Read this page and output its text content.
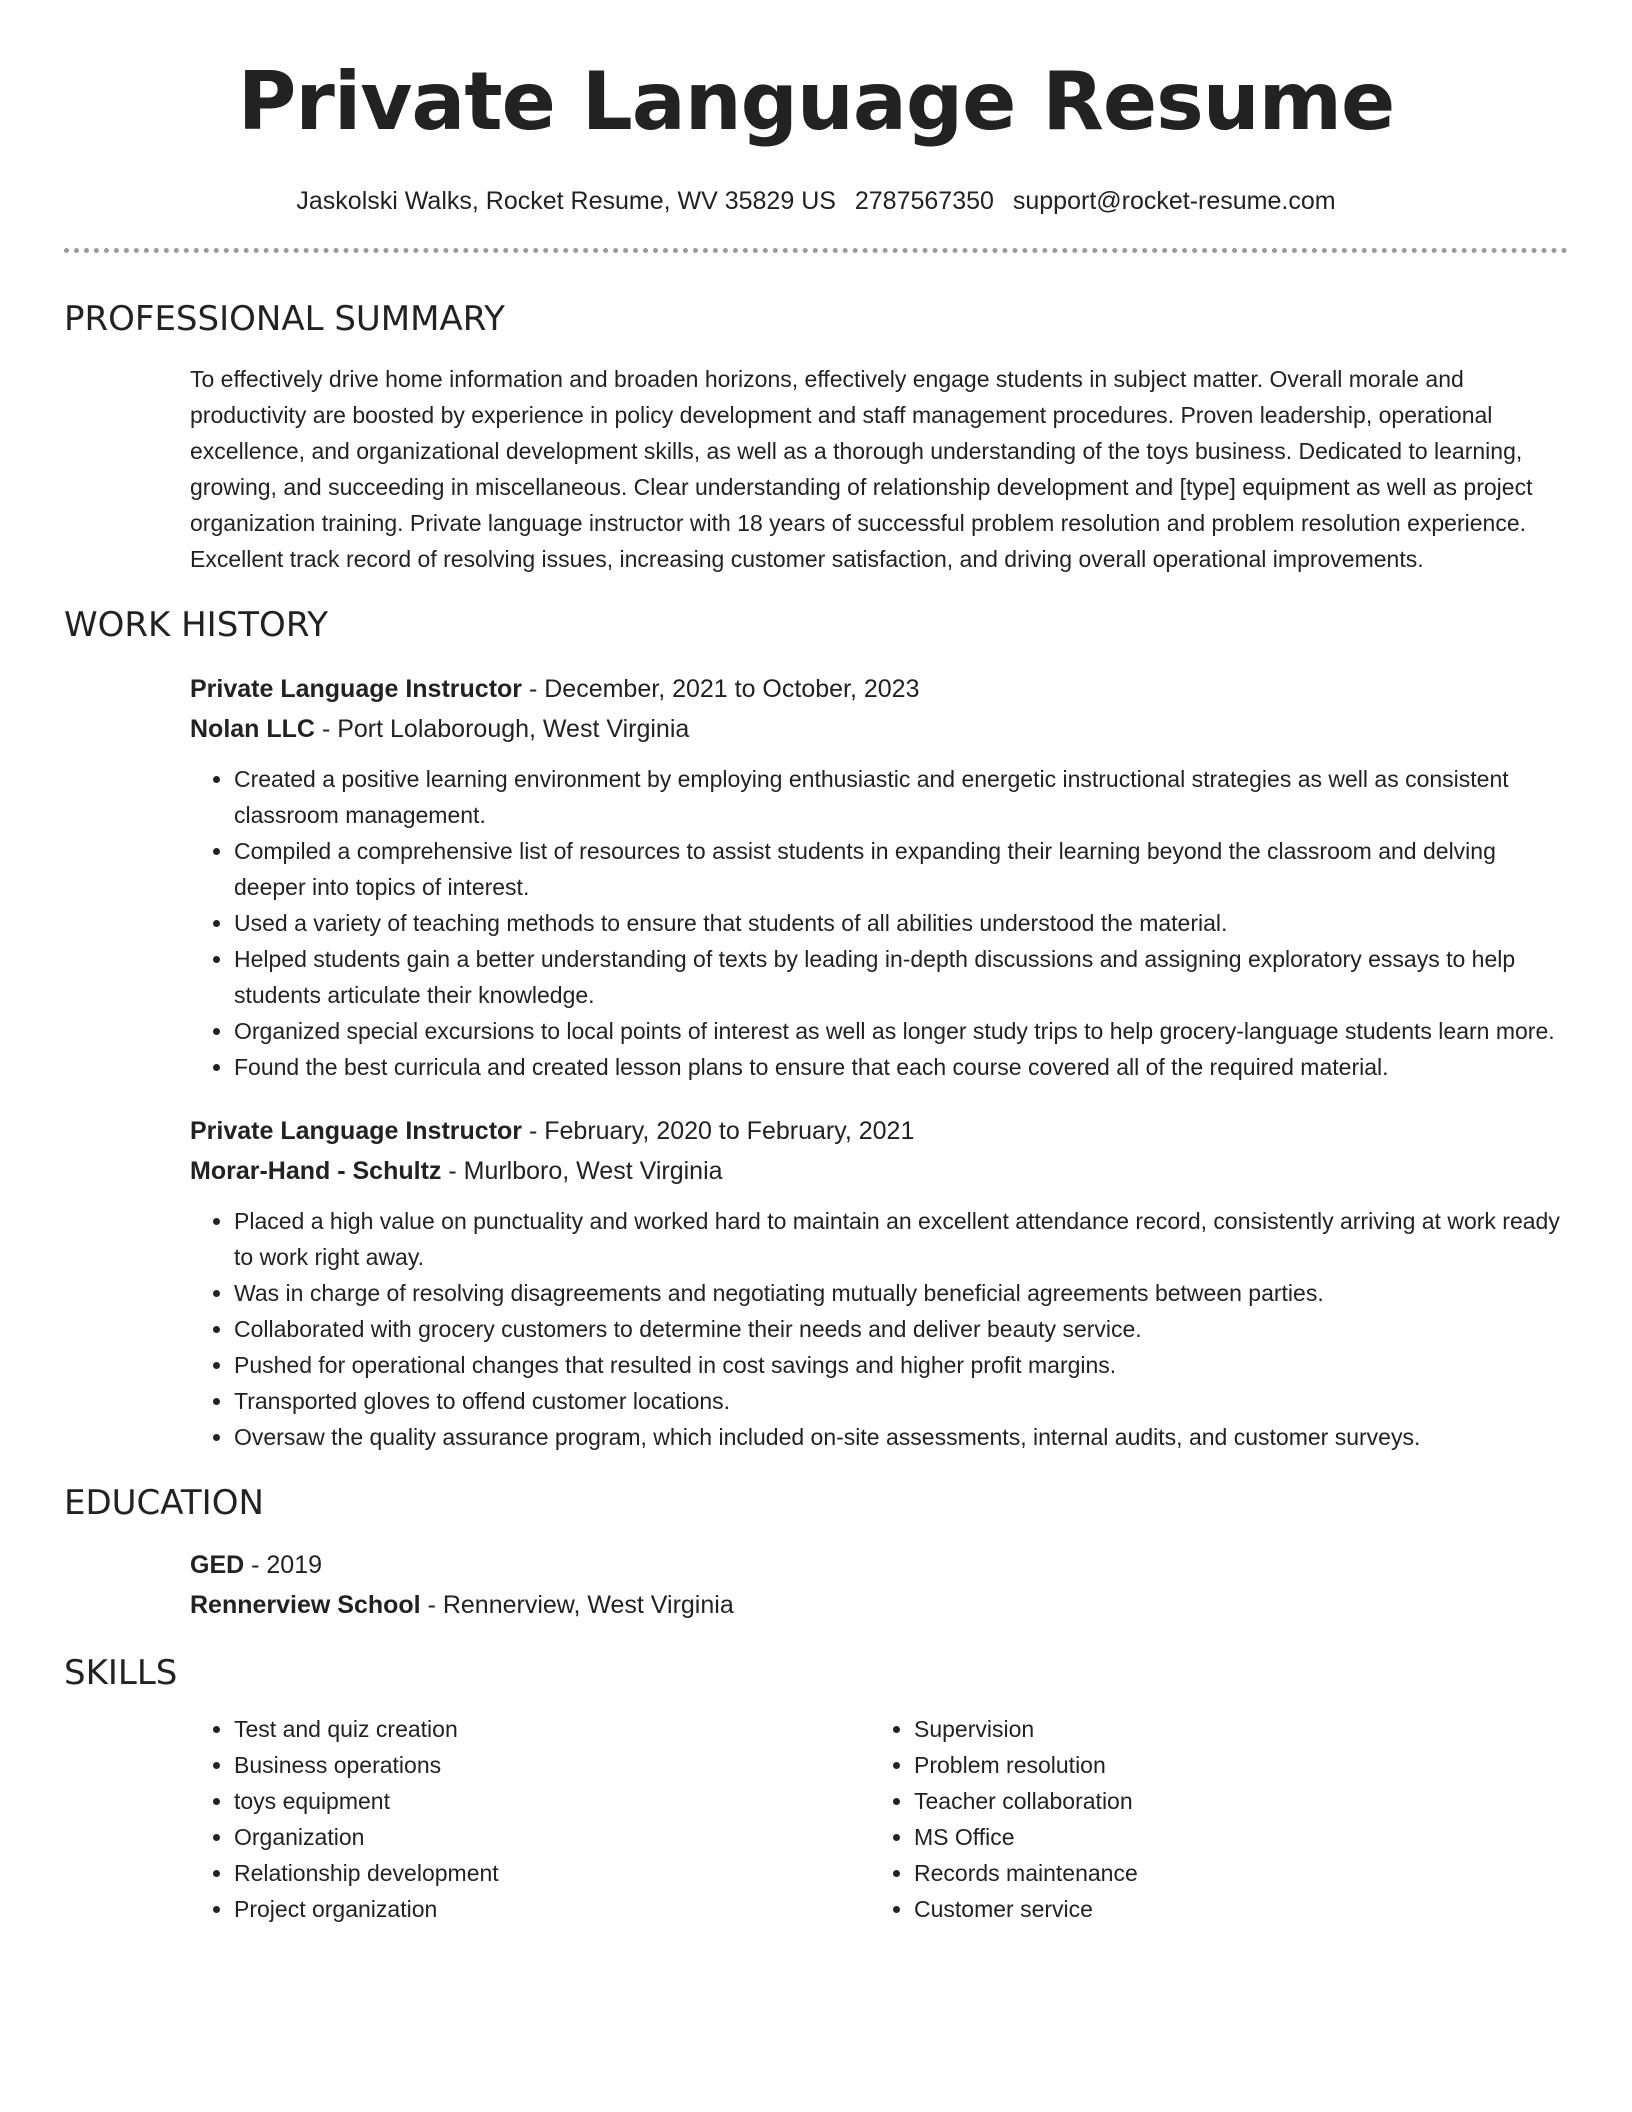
Private Language Resume
Jaskolski Walks, Rocket Resume, WV 35829 US 2787567350 support@rocket-resume.com
PROFESSIONAL SUMMARY

To effectively drive home information and broaden horizons, effectively engage students in subject matter. Overall morale and productivity are boosted by experience in policy development and staff management procedures. Proven leadership, operational excellence, and organizational development skills, as well as a thorough understanding of the toys business. Dedicated to learning, growing, and succeeding in miscellaneous. Clear understanding of relationship development and [type] equipment as well as project organization training. Private language instructor with 18 years of successful problem resolution and problem resolution experience. Excellent track record of resolving issues, increasing customer satisfaction, and driving overall operational improvements.

WORK HISTORY

Private Language Instructor - December, 2021 to October, 2023

Nolan LLC - Port Lolaborough, West Virginia

• Created a positive learning environment by employing enthusiastic and energetic instructional strategies as well as consistent classroom management.
• Compiled a comprehensive list of resources to assist students in expanding their learning beyond the classroom and delving deeper into topics of interest.
• Used a variety of teaching methods to ensure that students of all abilities understood the material.
• Helped students gain a better understanding of texts by leading in-depth discussions and assigning exploratory essays to help students articulate their knowledge.
• Organized special excursions to local points of interest as well as longer study trips to help grocery-language students learn more.
• Found the best curricula and created lesson plans to ensure that each course covered all of the required material.

Private Language Instructor - February, 2020 to February, 2021

Morar-Hand - Schultz - Murlboro, West Virginia

• Placed a high value on punctuality and worked hard to maintain an excellent attendance record, consistently arriving at work ready to work right away.
• Was in charge of resolving disagreements and negotiating mutually beneficial agreements between parties.
• Collaborated with grocery customers to determine their needs and deliver beauty service.
• Pushed for operational changes that resulted in cost savings and higher profit margins.
• Transported gloves to offend customer locations.
• Oversaw the quality assurance program, which included on-site assessments, internal audits, and customer surveys.
EDUCATION

GED - 2019

Rennerview School - Rennerview, West Virginia

SKILLS
• Test and quiz creation
• Business operations
• toys equipment
• Organization
• Relationship development
• Project organization
• Supervision
• Problem resolution
• Teacher collaboration
• MS Office
• Records maintenance
• Customer service
